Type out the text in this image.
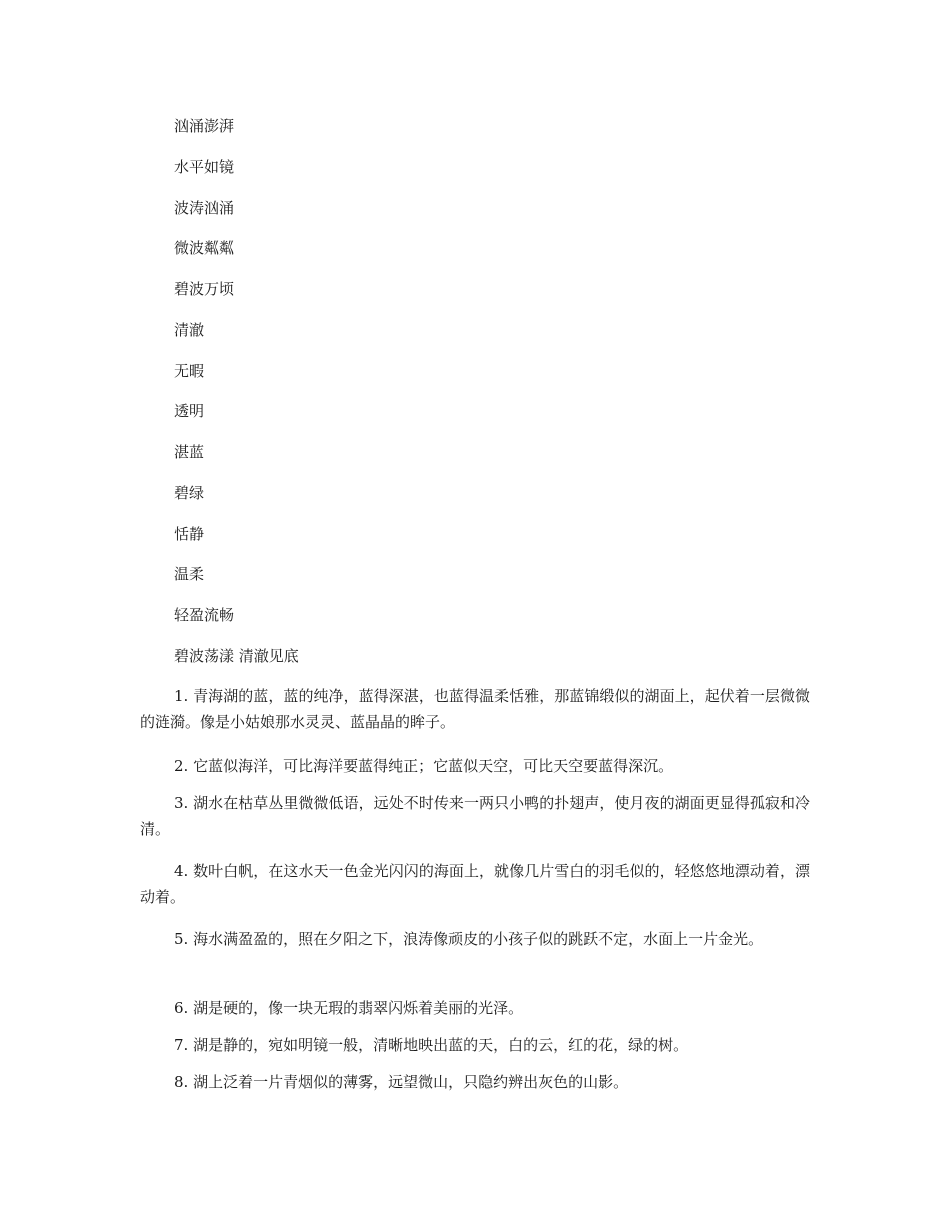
汹涌澎湃

水平如镜

波涛汹涌

微波粼粼

碧波万顷

清澈

无暇

透明

湛蓝

碧绿

恬静

温柔

轻盈流畅

碧波荡漾 清澈见底

1. 青海湖的蓝，蓝的纯净，蓝得深湛，也蓝得温柔恬雅，那蓝锦缎似的湖面上，起伏着一层微微的涟漪。像是小姑娘那水灵灵、蓝晶晶的眸子。

2. 它蓝似海洋，可比海洋要蓝得纯正；它蓝似天空，可比天空要蓝得深沉。

3. 湖水在枯草丛里微微低语，远处不时传来一两只小鸭的扑翅声，使月夜的湖面更显得孤寂和冷清。

4. 数叶白帆，在这水天一色金光闪闪的海面上，就像几片雪白的羽毛似的，轻悠悠地漂动着，漂动着。

5. 海水满盈盈的，照在夕阳之下，浪涛像顽皮的小孩子似的跳跃不定，水面上一片金光。

6. 湖是硬的，像一块无瑕的翡翠闪烁着美丽的光泽。

7. 湖是静的，宛如明镜一般，清晰地映出蓝的天，白的云，红的花，绿的树。

8. 湖上泛着一片青烟似的薄雾，远望微山，只隐约辨出灰色的山影。
